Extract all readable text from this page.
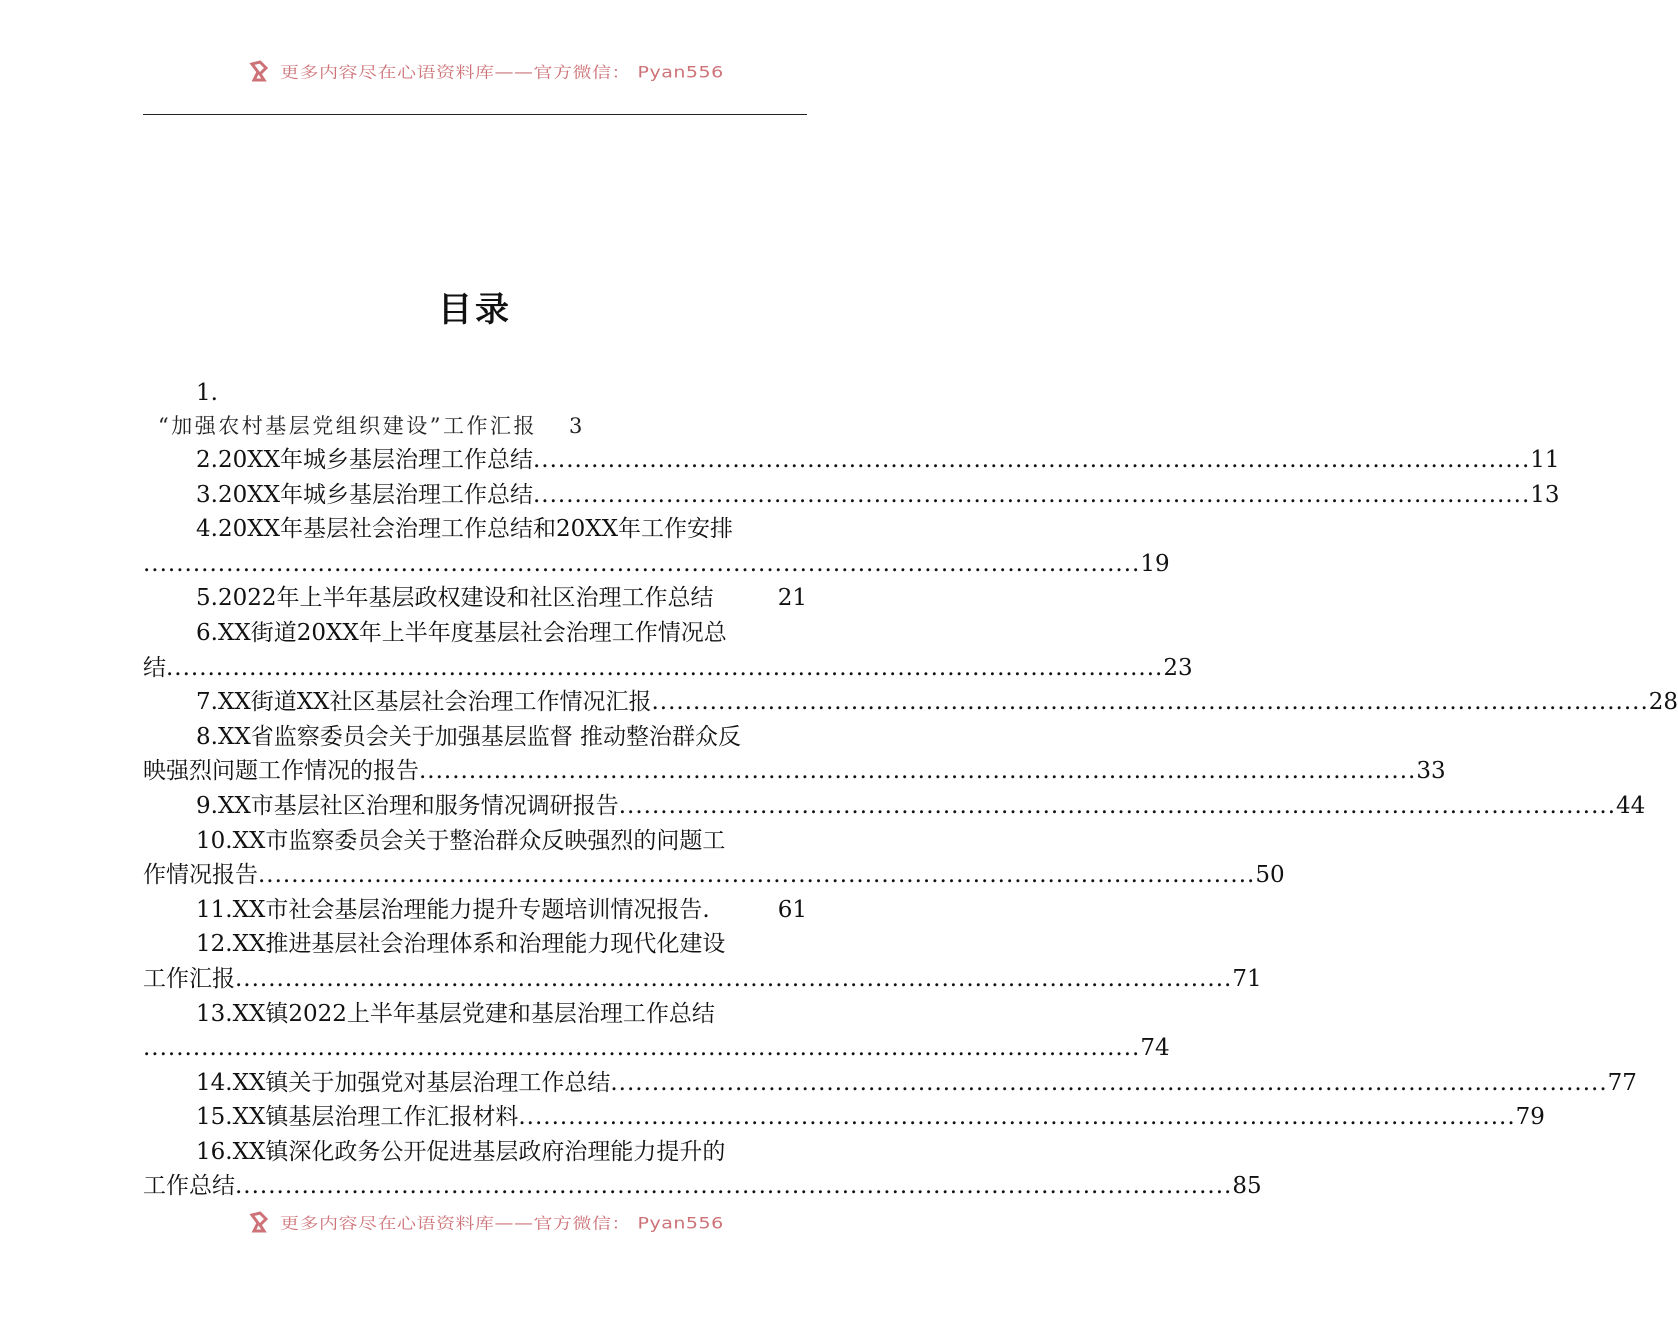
更多内容尽在心语资料库——官方微信： Pyan556
目录
1.
“加强农村基层党组织建设”工作汇报 3
2.20XX年城乡基层治理工作总结 ........................................................................................................................ 11
3.20XX年城乡基层治理工作总结 ........................................................................................................................ 13
4.20XX年基层社会治理工作总结和20XX年工作安排
........................................................................................................................ 19
5.2022年上半年基层政权建设和社区治理工作总结	21
6.XX街道20XX年上半年度基层社会治理工作情况总
结 ........................................................................................................................ 23
7.XX街道XX社区基层社会治理工作情况汇报 ........................................................................................................................ 28
8.XX省监察委员会关于加强基层监督 推动整治群众反
映强烈问题工作情况的报告 ........................................................................................................................ 33
9.XX市基层社区治理和服务情况调研报告 ........................................................................................................................ 44
10.XX市监察委员会关于整治群众反映强烈的问题工
作情况报告 ........................................................................................................................ 50
11.XX市社会基层治理能力提升专题培训情况报告.	61
12.XX推进基层社会治理体系和治理能力现代化建设
工作汇报 ........................................................................................................................ 71
13.XX镇2022上半年基层党建和基层治理工作总结
........................................................................................................................ 74
14.XX镇关于加强党对基层治理工作总结 ........................................................................................................................ 77
15.XX镇基层治理工作汇报材料 ........................................................................................................................ 79
16.XX镇深化政务公开促进基层政府治理能力提升的
工作总结 ........................................................................................................................ 85
更多内容尽在心语资料库——官方微信： Pyan556
